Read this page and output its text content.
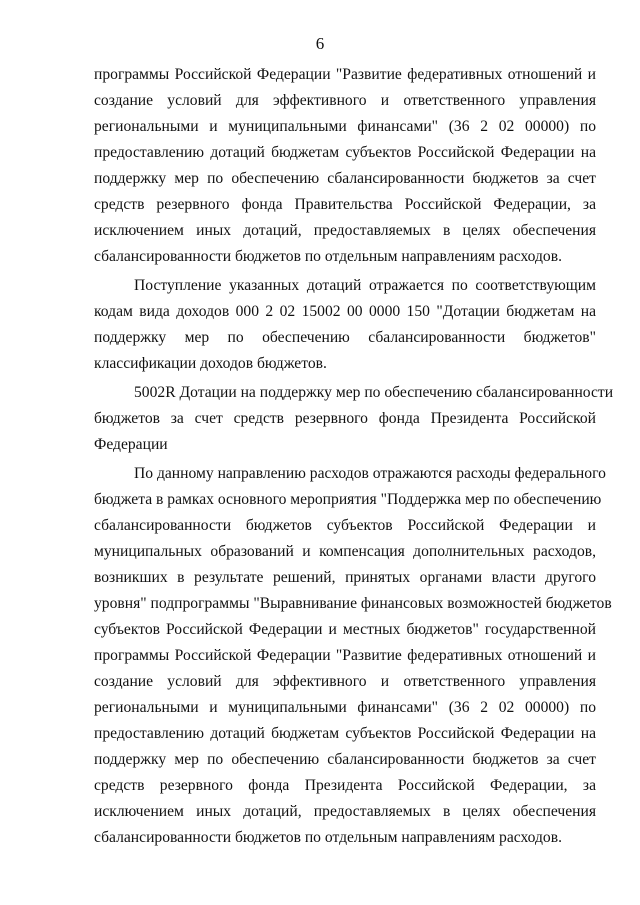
6
программы Российской Федерации "Развитие федеративных отношений и
создание условий для эффективного и ответственного управления
региональными и муниципальными финансами" (36 2 02 00000) по
предоставлению дотаций бюджетам субъектов Российской Федерации на
поддержку мер по обеспечению сбалансированности бюджетов за счет
средств резервного фонда Правительства Российской Федерации, за
исключением иных дотаций, предоставляемых в целях обеспечения
сбалансированности бюджетов по отдельным направлениям расходов.
Поступление указанных дотаций отражается по соответствующим
кодам вида доходов 000 2 02 15002 00 0000 150 "Дотации бюджетам на
поддержку мер по обеспечению сбалансированности бюджетов"
классификации доходов бюджетов.
5002R Дотации на поддержку мер по обеспечению сбалансированности
бюджетов за счет средств резервного фонда Президента Российской
Федерации
По данному направлению расходов отражаются расходы федерального
бюджета в рамках основного мероприятия "Поддержка мер по обеспечению
сбалансированности бюджетов субъектов Российской Федерации и
муниципальных образований и компенсация дополнительных расходов,
возникших в результате решений, принятых органами власти другого
уровня" подпрограммы "Выравнивание финансовых возможностей бюджетов
субъектов Российской Федерации и местных бюджетов" государственной
программы Российской Федерации "Развитие федеративных отношений и
создание условий для эффективного и ответственного управления
региональными и муниципальными финансами" (36 2 02 00000) по
предоставлению дотаций бюджетам субъектов Российской Федерации на
поддержку мер по обеспечению сбалансированности бюджетов за счет
средств резервного фонда Президента Российской Федерации, за
исключением иных дотаций, предоставляемых в целях обеспечения
сбалансированности бюджетов по отдельным направлениям расходов.
